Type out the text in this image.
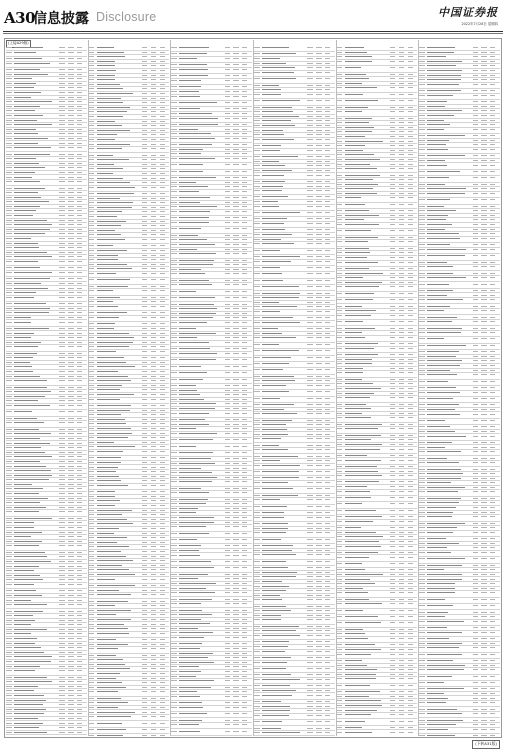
A30
信息披露 Disclosure	中国证券报
2022年7月28日 星期四
(上接A29版)
(下转A31版)
